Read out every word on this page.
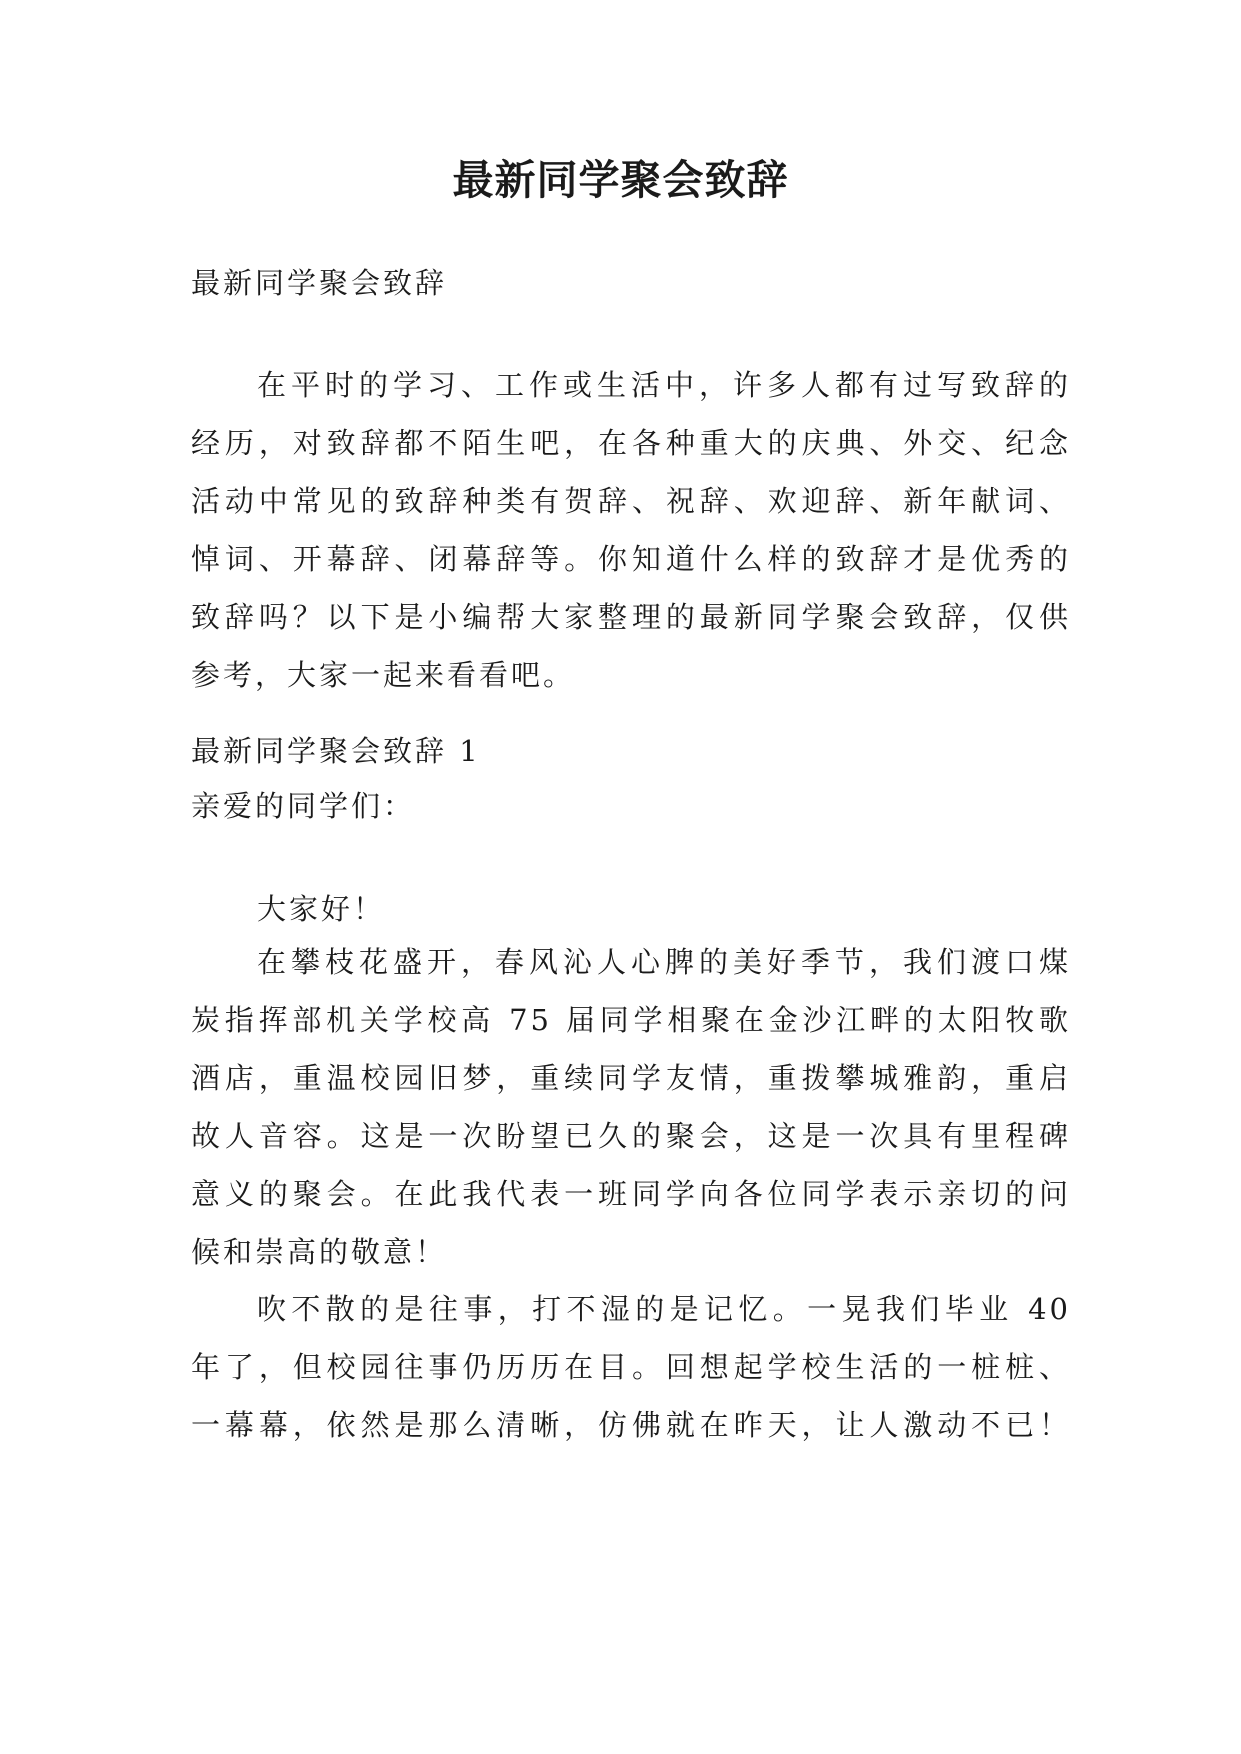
最新同学聚会致辞

最新同学聚会致辞

在平时的学习、工作或生活中，许多人都有过写致辞的
经历，对致辞都不陌生吧，在各种重大的庆典、外交、纪念
活动中常见的致辞种类有贺辞、祝辞、欢迎辞、新年献词、
悼词、开幕辞、闭幕辞等。你知道什么样的致辞才是优秀的
致辞吗？以下是小编帮大家整理的最新同学聚会致辞，仅供
参考，大家一起来看看吧。

最新同学聚会致辞 1

亲爱的同学们：

大家好！

在攀枝花盛开，春风沁人心脾的美好季节，我们渡口煤
炭指挥部机关学校高 75 届同学相聚在金沙江畔的太阳牧歌
酒店，重温校园旧梦，重续同学友情，重拨攀城雅韵，重启
故人音容。这是一次盼望已久的聚会，这是一次具有里程碑
意义的聚会。在此我代表一班同学向各位同学表示亲切的问
候和崇高的敬意！
吹不散的是往事，打不湿的是记忆。一晃我们毕业 40
年了，但校园往事仍历历在目。回想起学校生活的一桩桩、
一幕幕，依然是那么清晰，仿佛就在昨天，让人激动不已！
